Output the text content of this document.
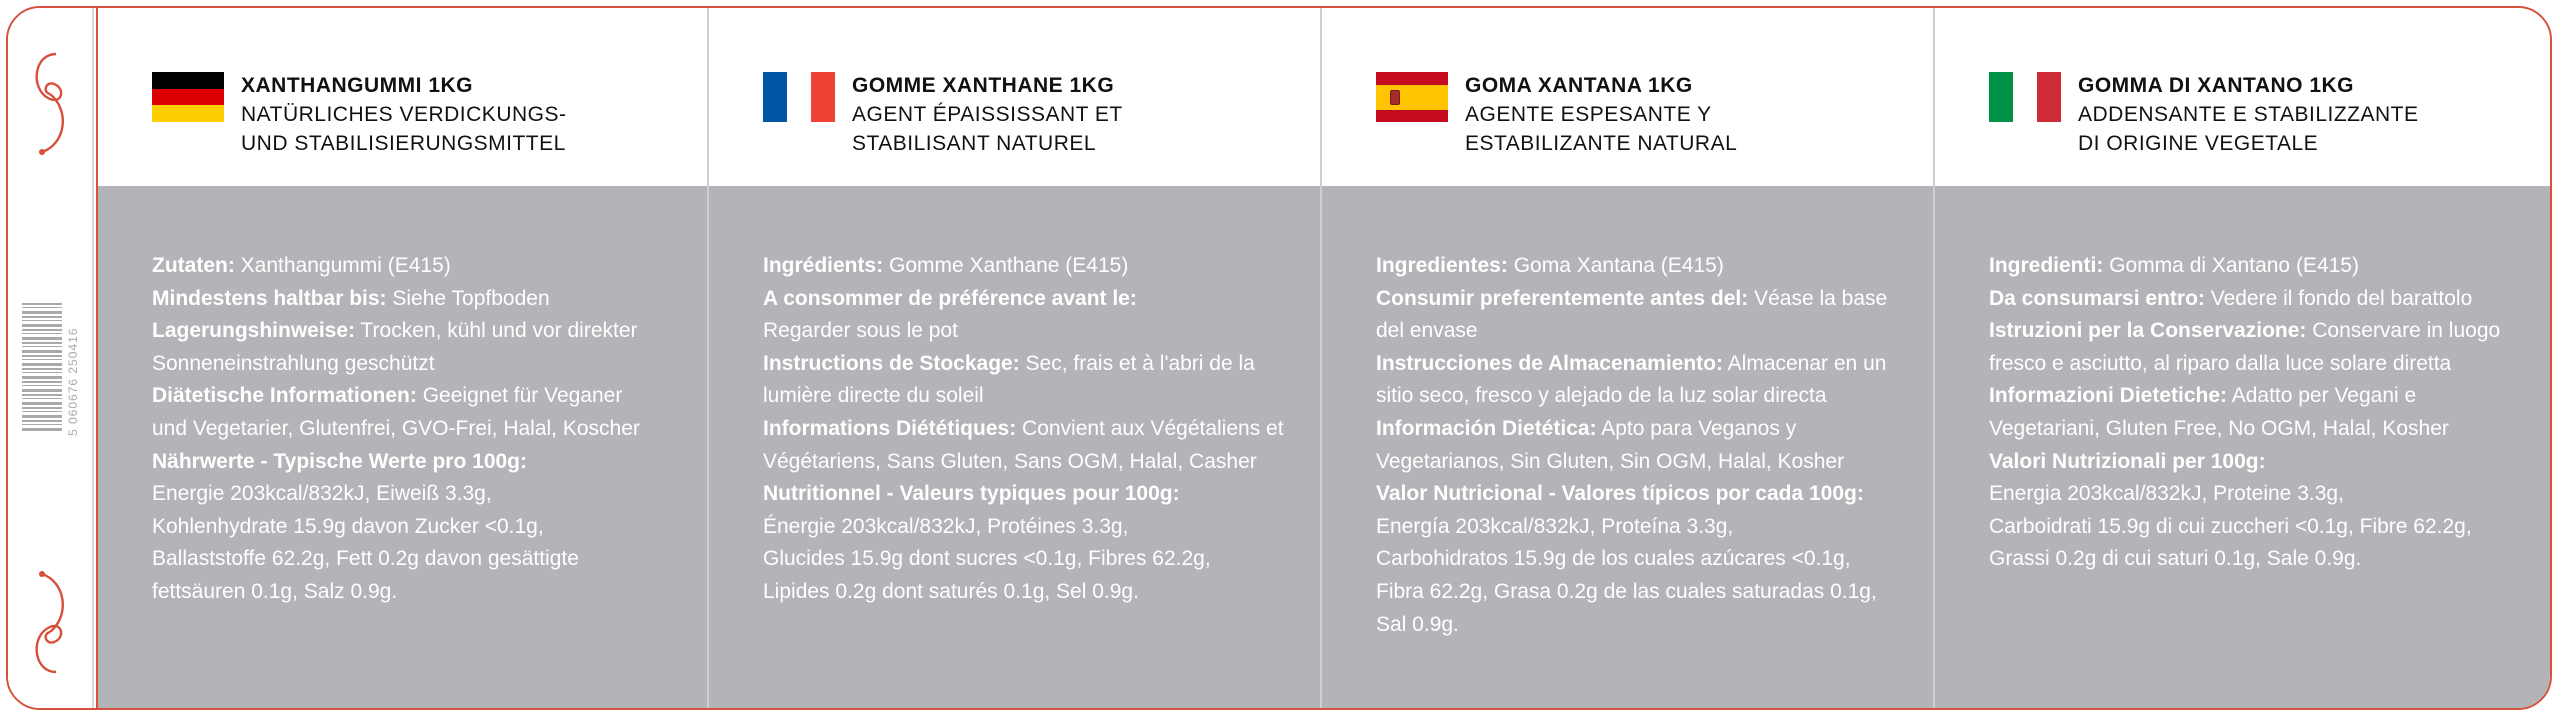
5 060676 250416
XANTHANGUMMI 1KG
NATÜRLICHES VERDICKUNGS-
UND STABILISIERUNGSMITTEL
Zutaten: Xanthangummi (E415)
Mindestens haltbar bis: Siehe Topfboden
Lagerungshinweise: Trocken, kühl und vor direkter
Sonneneinstrahlung geschützt
Diätetische Informationen: Geeignet für Veganer
und Vegetarier, Glutenfrei, GVO-Frei, Halal, Koscher
Nährwerte - Typische Werte pro 100g:
Energie 203kcal/832kJ, Eiweiß 3.3g,
Kohlenhydrate 15.9g davon Zucker <0.1g,
Ballaststoffe 62.2g, Fett 0.2g davon gesättigte
fettsäuren 0.1g, Salz 0.9g.
GOMME XANTHANE 1KG
AGENT ÉPAISSISSANT ET
STABILISANT NATUREL
Ingrédients: Gomme Xanthane (E415)
A consommer de préférence avant le:
Regarder sous le pot
Instructions de Stockage: Sec, frais et à l'abri de la
lumière directe du soleil
Informations Diététiques: Convient aux Végétaliens et
Végétariens, Sans Gluten, Sans OGM, Halal, Casher
Nutritionnel - Valeurs typiques pour 100g:
Énergie 203kcal/832kJ, Protéines 3.3g,
Glucides 15.9g dont sucres <0.1g, Fibres 62.2g,
Lipides 0.2g dont saturés 0.1g, Sel 0.9g.
GOMA XANTANA 1KG
AGENTE ESPESANTE Y
ESTABILIZANTE NATURAL
Ingredientes: Goma Xantana (E415)
Consumir preferentemente antes del: Véase la base
del envase
Instrucciones de Almacenamiento: Almacenar en un
sitio seco, fresco y alejado de la luz solar directa
Información Dietética: Apto para Veganos y
Vegetarianos, Sin Gluten, Sin OGM, Halal, Kosher
Valor Nutricional - Valores típicos por cada 100g:
Energía 203kcal/832kJ, Proteína 3.3g,
Carbohidratos 15.9g de los cuales azúcares <0.1g,
Fibra 62.2g, Grasa 0.2g de las cuales saturadas 0.1g,
Sal 0.9g.
GOMMA DI XANTANO 1KG
ADDENSANTE E STABILIZZANTE
DI ORIGINE VEGETALE
Ingredienti: Gomma di Xantano (E415)
Da consumarsi entro: Vedere il fondo del barattolo
Istruzioni per la Conservazione: Conservare in luogo
fresco e asciutto, al riparo dalla luce solare diretta
Informazioni Dietetiche: Adatto per Vegani e
Vegetariani, Gluten Free, No OGM, Halal, Kosher
Valori Nutrizionali per 100g:
Energia 203kcal/832kJ, Proteine 3.3g,
Carboidrati 15.9g di cui zuccheri <0.1g, Fibre 62.2g,
Grassi 0.2g di cui saturi 0.1g, Sale 0.9g.
